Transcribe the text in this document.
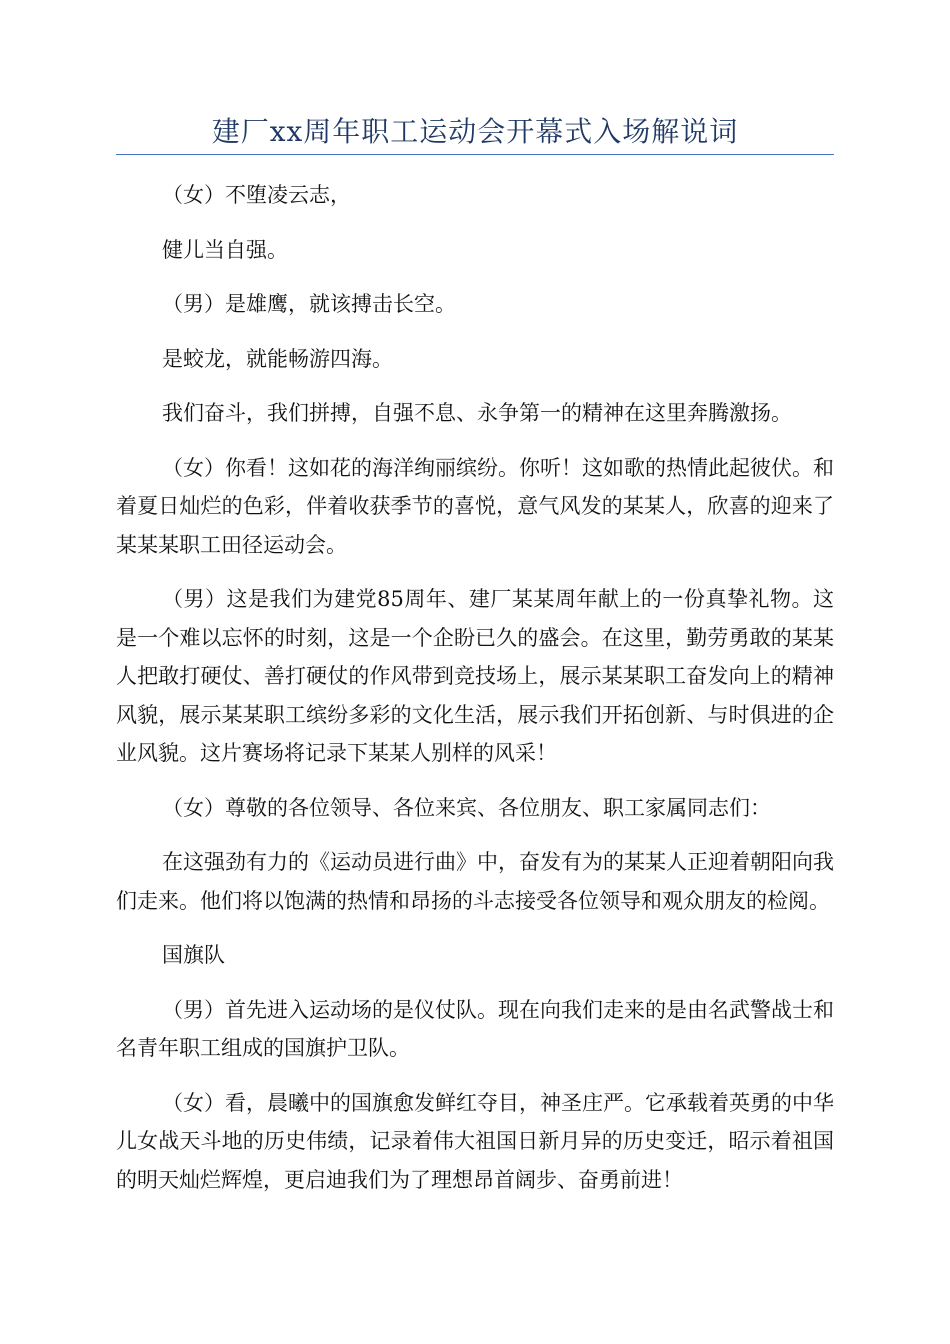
建厂xx周年职工运动会开幕式入场解说词

（女）不堕凌云志，

健儿当自强。

（男）是雄鹰，就该搏击长空。

是蛟龙，就能畅游四海。

我们奋斗，我们拼搏，自强不息、永争第一的精神在这里奔腾激扬。

（女）你看！这如花的海洋绚丽缤纷。你听！这如歌的热情此起彼伏。和着夏日灿烂的色彩，伴着收获季节的喜悦，意气风发的某某人，欣喜的迎来了某某某职工田径运动会。

（男）这是我们为建党85周年、建厂某某周年献上的一份真挚礼物。这是一个难以忘怀的时刻，这是一个企盼已久的盛会。在这里，勤劳勇敢的某某人把敢打硬仗、善打硬仗的作风带到竞技场上，展示某某职工奋发向上的精神风貌，展示某某职工缤纷多彩的文化生活，展示我们开拓创新、与时俱进的企业风貌。这片赛场将记录下某某人别样的风采！

（女）尊敬的各位领导、各位来宾、各位朋友、职工家属同志们：

在这强劲有力的《运动员进行曲》中，奋发有为的某某人正迎着朝阳向我们走来。他们将以饱满的热情和昂扬的斗志接受各位领导和观众朋友的检阅。

国旗队

（男）首先进入运动场的是仪仗队。现在向我们走来的是由名武警战士和名青年职工组成的国旗护卫队。

（女）看，晨曦中的国旗愈发鲜红夺目，神圣庄严。它承载着英勇的中华儿女战天斗地的历史伟绩，记录着伟大祖国日新月异的历史变迁，昭示着祖国的明天灿烂辉煌，更启迪我们为了理想昂首阔步、奋勇前进！
